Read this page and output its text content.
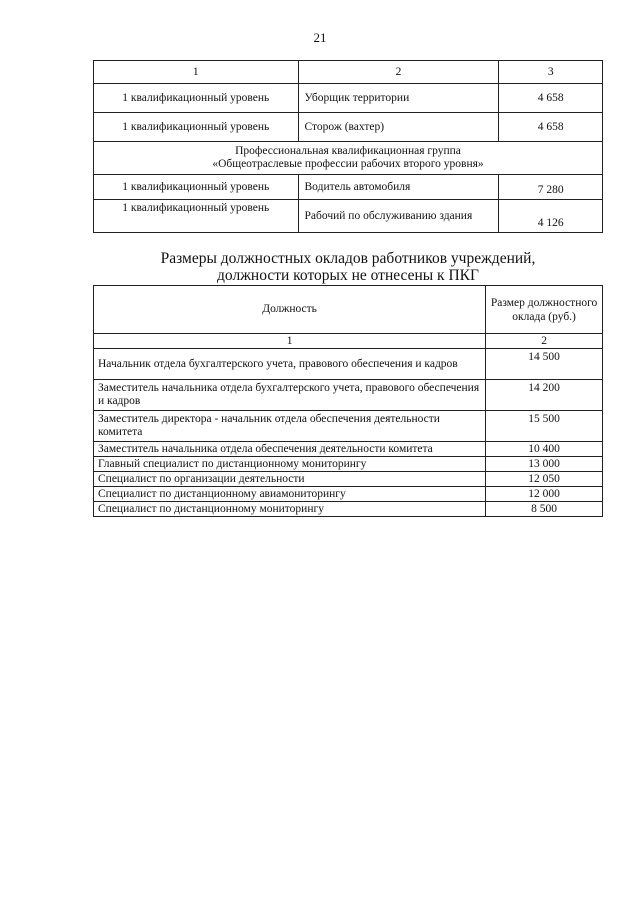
21
1	2	3
1 квалификационный уровень	Уборщик территории	4 658
1 квалификационный уровень	Сторож (вахтер)	4 658

Профессиональная квалификационная группа
«Общеотраслевые профессии рабочих второго уровня»		

1 квалификационный уровень	Водитель автомобиля	7 280
1 квалификационный уровень	Рабочий по обслуживанию здания	4 126
Размеры должностных окладов работников учреждений,
должности которых не отнесены к ПКГ
Должность	Размер должностного оклада (руб.)
1	2
Начальник отдела бухгалтерского учета, правового обеспечения и кадров	14 500
Заместитель начальника отдела бухгалтерского учета, правового обеспечения и кадров	14 200
Заместитель директора - начальник отдела обеспечения деятельности комитета	15 500
Заместитель начальника отдела обеспечения деятельности комитета	10 400
Главный специалист по дистанционному мониторингу	13 000
Специалист по организации деятельности	12 050
Специалист по дистанционному авиамониторингу	12 000
Специалист по дистанционному мониторингу	8 500
